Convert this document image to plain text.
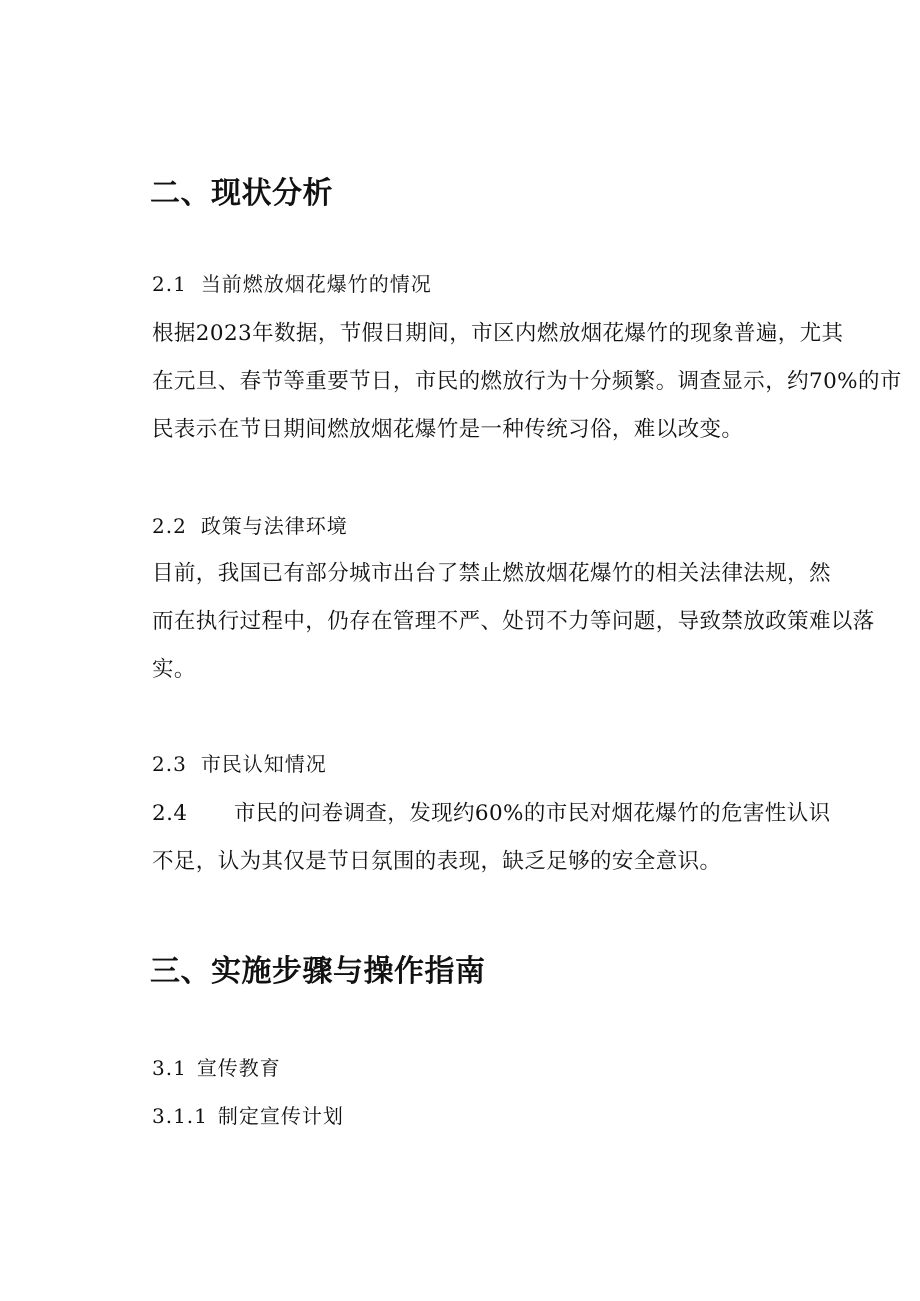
二、现状分析
2.1 当前燃放烟花爆竹的情况
根据2023年数据，节假日期间，市区内燃放烟花爆竹的现象普遍，尤其
在元旦、春节等重要节日，市民的燃放行为十分频繁。调查显示，约70%的市
民表示在节日期间燃放烟花爆竹是一种传统习俗，难以改变。
2.2 政策与法律环境
目前，我国已有部分城市出台了禁止燃放烟花爆竹的相关法律法规，然
而在执行过程中，仍存在管理不严、处罚不力等问题，导致禁放政策难以落
实。
2.3 市民认知情况
2.4 市民的问卷调查，发现约60%的市民对烟花爆竹的危害性认识
不足，认为其仅是节日氛围的表现，缺乏足够的安全意识。
三、实施步骤与操作指南
3.1 宣传教育
3.1.1 制定宣传计划
